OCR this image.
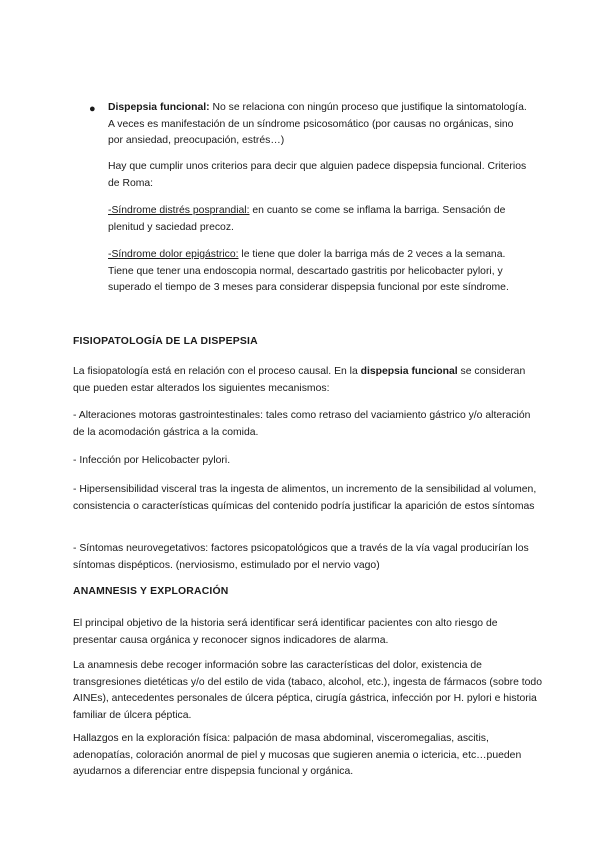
● Dispepsia funcional: No se relaciona con ningún proceso que justifique la sintomatología. A veces es manifestación de un síndrome psicosomático (por causas no orgánicas, sino por ansiedad, preocupación, estrés…)

Hay que cumplir unos criterios para decir que alguien padece dispepsia funcional. Criterios de Roma:

-Síndrome distrés posprandial: en cuanto se come se inflama la barriga. Sensación de plenitud y saciedad precoz.

-Síndrome dolor epigástrico: le tiene que doler la barriga más de 2 veces a la semana. Tiene que tener una endoscopia normal, descartado gastritis por helicobacter pylori, y superado el tiempo de 3 meses para considerar dispepsia funcional por este síndrome.

FISIOPATOLOGÍA DE LA DISPEPSIA

La fisiopatología está en relación con el proceso causal. En la dispepsia funcional se consideran que pueden estar alterados los siguientes mecanismos:

- Alteraciones motoras gastrointestinales: tales como retraso del vaciamiento gástrico y/o alteración de la acomodación gástrica a la comida.

- Infección por Helicobacter pylori.

- Hipersensibilidad visceral tras la ingesta de alimentos, un incremento de la sensibilidad al volumen, consistencia o características químicas del contenido podría justificar la aparición de estos síntomas

- Síntomas neurovegetativos: factores psicopatológicos que a través de la vía vagal producirían los síntomas dispépticos. (nerviosismo, estimulado por el nervio vago)

ANAMNESIS Y EXPLORACIÓN

El principal objetivo de la historia será identificar será identificar pacientes con alto riesgo de presentar causa orgánica y reconocer signos indicadores de alarma.

La anamnesis debe recoger información sobre las características del dolor, existencia de transgresiones dietéticas y/o del estilo de vida (tabaco, alcohol, etc.), ingesta de fármacos (sobre todo AINEs), antecedentes personales de úlcera péptica, cirugía gástrica, infección por H. pylori e historia familiar de úlcera péptica.

Hallazgos en la exploración física: palpación de masa abdominal, visceromegalias, ascitis, adenopatías, coloración anormal de piel y mucosas que sugieren anemia o ictericia, etc…pueden ayudarnos a diferenciar entre dispepsia funcional y orgánica.
